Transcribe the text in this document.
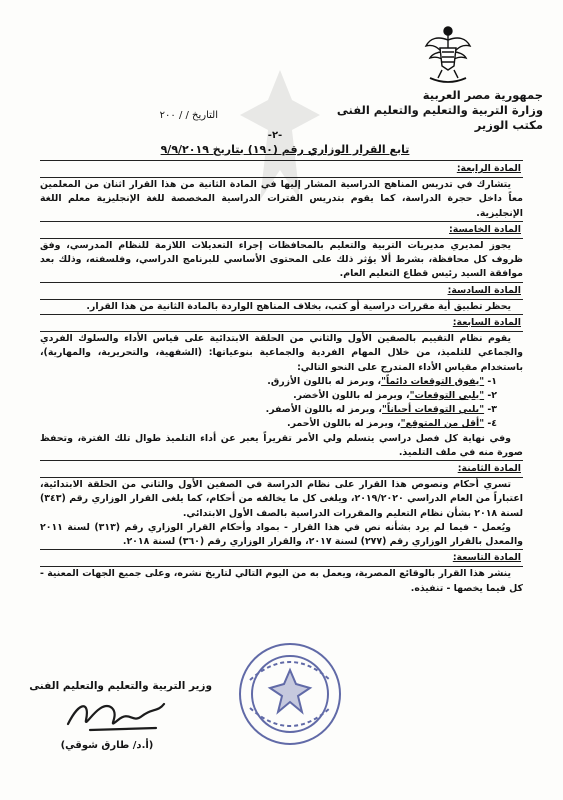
جمهورية مصر العربية
وزارة التربية والتعليم والتعليم الفنى
مكتب الوزير
التاريخ / / ٢٠٠
-٢-
تابع القرار الوزاري رقم (١٩٠) بتاريخ ٩/٩/٢٠١٩
المادة الرابعة:

يتشارك في تدريس المناهج الدراسية المشار إليها في المادة الثانية من هذا القرار اثنان من المعلمين معاً داخل حجرة الدراسة، كما يقوم بتدريس الفترات الدراسية المخصصة للغة الإنجليزية معلم اللغة الإنجليزية.

المادة الخامسة:

يجوز لمديري مديريات التربية والتعليم بالمحافظات إجراء التعديلات اللازمة للنظام المدرسي، وفق ظروف كل محافظة، بشرط ألا يؤثر ذلك على المحتوى الأساسي للبرنامج الدراسي، وفلسفته، وذلك بعد موافقة السيد رئيس قطاع التعليم العام.

المادة السادسة:

يحظر تطبيق أية مقررات دراسية أو كتب، بخلاف المناهج الواردة بالمادة الثانية من هذا القرار.

المادة السابعة:

يقوم نظام التقييم بالصفين الأول والثاني من الحلقة الابتدائية على قياس الأداء والسلوك الفردي والجماعي للتلميذ، من خلال المهام الفردية والجماعية بنوعياتها: (الشفهية، والتحريرية، والمهارية)، باستخدام مقياس الأداء المتدرج على النحو التالي:

١- "يفوق التوقعات دائماً"، ويرمز له باللون الأزرق.
٢- "يلبي التوقعات"، ويرمز له باللون الأخضر.
٣- "يلبي التوقعات أحياناً"، ويرمز له باللون الأصفر.
٤- "أقل من المتوقع"، ويرمز له باللون الأحمر.

وفي نهاية كل فصل دراسي يتسلم ولي الأمر تقريراً يعبر عن أداء التلميذ طوال تلك الفترة، وتحفظ صورة منه في ملف التلميذ.

المادة الثامنة:

تسري أحكام ونصوص هذا القرار على نظام الدراسة في الصفين الأول والثاني من الحلقة الابتدائية، اعتباراً من العام الدراسي ٢٠١٩/٢٠٢٠، ويلغى كل ما يخالفه من أحكام، كما يلغى القرار الوزاري رقم (٣٤٣) لسنة ٢٠١٨ بشأن نظام التعليم والمقررات الدراسية بالصف الأول الابتدائي.

ويُعمل - فيما لم يرد بشأنه نص في هذا القرار - بمواد وأحكام القرار الوزاري رقم (٣١٣) لسنة ٢٠١١ والمعدل بالقرار الوزاري رقم (٢٧٧) لسنة ٢٠١٧، والقرار الوزاري رقم (٣٦٠) لسنة ٢٠١٨.

المادة التاسعة:

ينشر هذا القرار بالوقائع المصرية، ويعمل به من اليوم التالي لتاريخ نشره، وعلى جميع الجهات المعنية - كل فيما يخصها - تنفيذه.

وزير التربية والتعليم والتعليم الفنى
(أ.د/ طارق شوقي)
